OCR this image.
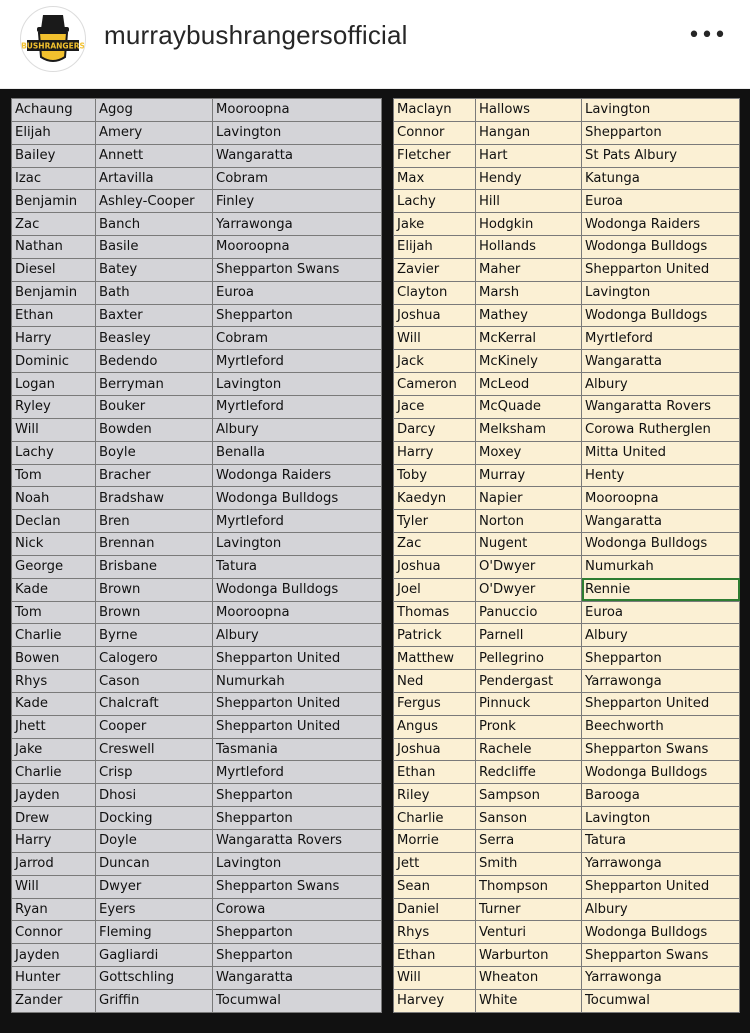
BUSHRANGERS murraybushrangersofficial	•••
Achaung	Agog	Mooroopna
Elijah	Amery	Lavington
Bailey	Annett	Wangaratta
Izac	Artavilla	Cobram
Benjamin	Ashley-Cooper	Finley
Zac	Banch	Yarrawonga
Nathan	Basile	Mooroopna
Diesel	Batey	Shepparton Swans
Benjamin	Bath	Euroa
Ethan	Baxter	Shepparton
Harry	Beasley	Cobram
Dominic	Bedendo	Myrtleford
Logan	Berryman	Lavington
Ryley	Bouker	Myrtleford
Will	Bowden	Albury
Lachy	Boyle	Benalla
Tom	Bracher	Wodonga Raiders
Noah	Bradshaw	Wodonga Bulldogs
Declan	Bren	Myrtleford
Nick	Brennan	Lavington
George	Brisbane	Tatura
Kade	Brown	Wodonga Bulldogs
Tom	Brown	Mooroopna
Charlie	Byrne	Albury
Bowen	Calogero	Shepparton United
Rhys	Cason	Numurkah
Kade	Chalcraft	Shepparton United
Jhett	Cooper	Shepparton United
Jake	Creswell	Tasmania
Charlie	Crisp	Myrtleford
Jayden	Dhosi	Shepparton
Drew	Docking	Shepparton
Harry	Doyle	Wangaratta Rovers
Jarrod	Duncan	Lavington
Will	Dwyer	Shepparton Swans
Ryan	Eyers	Corowa
Connor	Fleming	Shepparton
Jayden	Gagliardi	Shepparton
Hunter	Gottschling	Wangaratta
Zander	Griffin	Tocumwal
Maclayn	Hallows	Lavington
Connor	Hangan	Shepparton
Fletcher	Hart	St Pats Albury
Max	Hendy	Katunga
Lachy	Hill	Euroa
Jake	Hodgkin	Wodonga Raiders
Elijah	Hollands	Wodonga Bulldogs
Zavier	Maher	Shepparton United
Clayton	Marsh	Lavington
Joshua	Mathey	Wodonga Bulldogs
Will	McKerral	Myrtleford
Jack	McKinely	Wangaratta
Cameron	McLeod	Albury
Jace	McQuade	Wangaratta Rovers
Darcy	Melksham	Corowa Rutherglen
Harry	Moxey	Mitta United
Toby	Murray	Henty
Kaedyn	Napier	Mooroopna
Tyler	Norton	Wangaratta
Zac	Nugent	Wodonga Bulldogs
Joshua	O'Dwyer	Numurkah
Joel	O'Dwyer	Rennie
Thomas	Panuccio	Euroa
Patrick	Parnell	Albury
Matthew	Pellegrino	Shepparton
Ned	Pendergast	Yarrawonga
Fergus	Pinnuck	Shepparton United
Angus	Pronk	Beechworth
Joshua	Rachele	Shepparton Swans
Ethan	Redcliffe	Wodonga Bulldogs
Riley	Sampson	Barooga
Charlie	Sanson	Lavington
Morrie	Serra	Tatura
Jett	Smith	Yarrawonga
Sean	Thompson	Shepparton United
Daniel	Turner	Albury
Rhys	Venturi	Wodonga Bulldogs
Ethan	Warburton	Shepparton Swans
Will	Wheaton	Yarrawonga
Harvey	White	Tocumwal
